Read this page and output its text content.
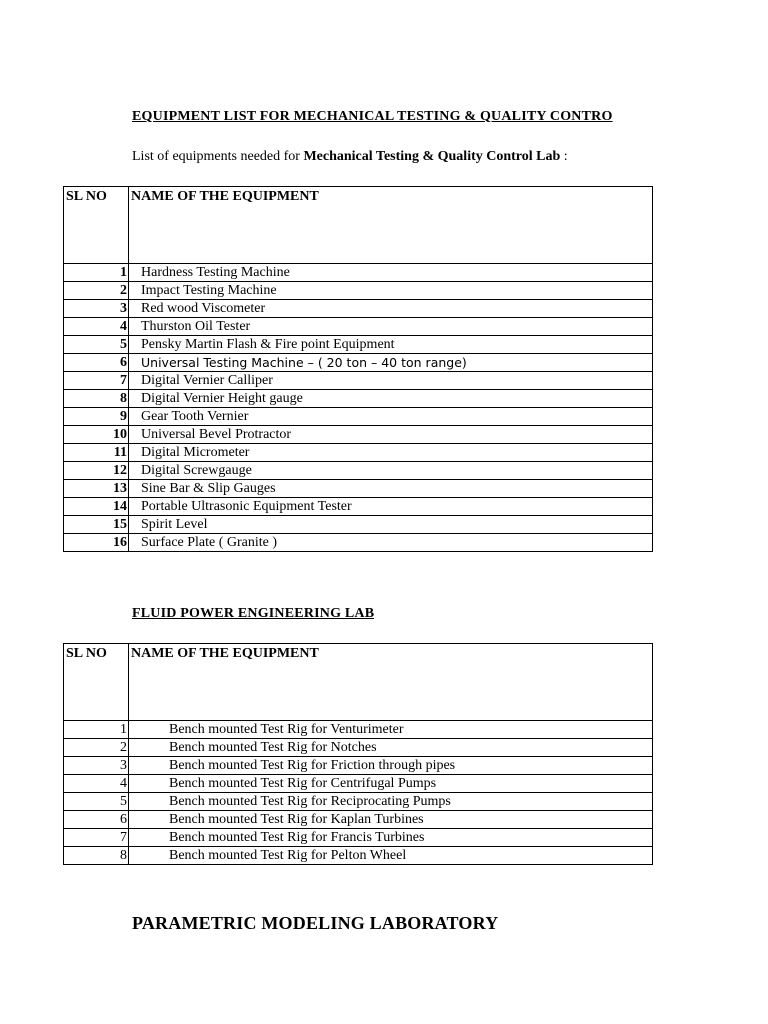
EQUIPMENT LIST FOR MECHANICAL TESTING & QUALITY CONTRO
List of equipments needed for Mechanical Testing & Quality Control Lab :
SL NO	NAME OF THE EQUIPMENT
1	Hardness Testing Machine
2	Impact Testing Machine
3	Red wood Viscometer
4	Thurston Oil Tester
5	Pensky Martin Flash & Fire point Equipment
6	Universal Testing Machine – ( 20 ton – 40 ton range)
7	Digital Vernier Calliper
8	Digital Vernier Height gauge
9	Gear Tooth Vernier
10	Universal Bevel Protractor
11	Digital Micrometer
12	Digital Screwgauge
13	Sine Bar & Slip Gauges
14	Portable Ultrasonic Equipment Tester
15	Spirit Level
16	Surface Plate ( Granite )
FLUID POWER ENGINEERING LAB
SL NO	NAME OF THE EQUIPMENT
1	Bench mounted Test Rig for Venturimeter
2	Bench mounted Test Rig for Notches
3	Bench mounted Test Rig for Friction through pipes
4	Bench mounted Test Rig for Centrifugal Pumps
5	Bench mounted Test Rig for Reciprocating Pumps
6	Bench mounted Test Rig for Kaplan Turbines
7	Bench mounted Test Rig for Francis Turbines
8	Bench mounted Test Rig for Pelton Wheel
PARAMETRIC MODELING LABORATORY
